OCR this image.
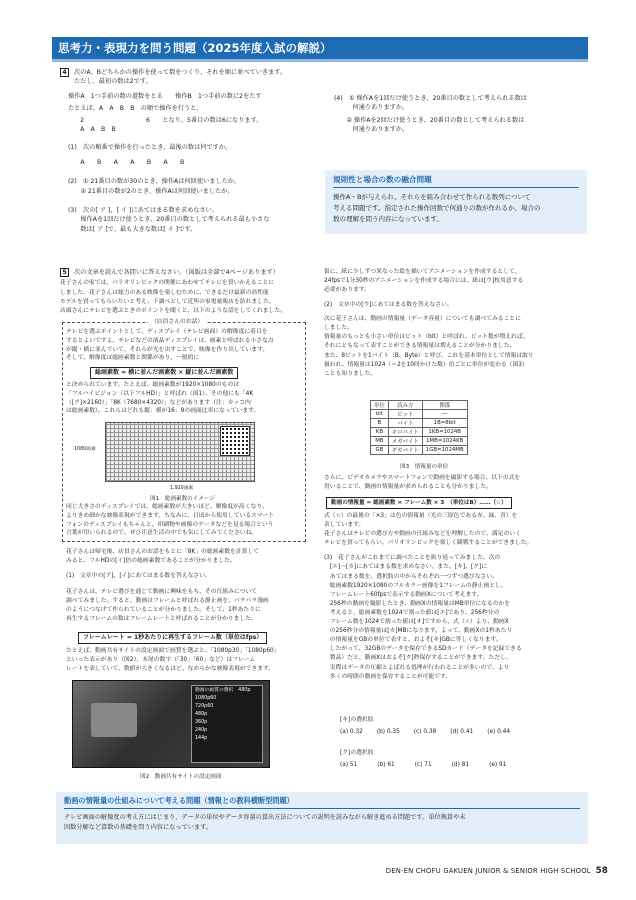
思考力・表現力を問う問題（2025年度入試の解説）
4 次のA、Bどちらかの操作を使って数をつくり、それを順に並べていきます。
ただし、最初の数は2です。
操作A　1つ手前の数の道数をとる　　操作B　1つ手前の数に2をたす
たとえば、A　A　B　B　の順で操作を行うと、
　2　　　　　　　　　　6　　となり、5番目の数は6になります。
　A　A　B　B
(1)　次の順番で操作を行ったとき、最後の数は何ですか。
　　A　　B　　A　　A　　B　　A　　B
(2)　① 21番目の数が30のとき、操作Aは何回使いましたか。
　　② 21番目の数が2のとき、操作Aは何回使いましたか。
(3)　次の[ ア ]、[ イ ]にあてはまる数を求めなさい。
　　操作Aを1回だけ使うとき、20番目の数として考えられる最も小さな
　　数は[ ア ]で、最も大きな数は[ イ ]です。
(4)　① 操作Aを1回だけ使うとき、20番目の数として考えられる数は
　　　何通りありますか。
　　② 操作Aを2回だけ使うとき、20番目の数として考えられる数は
　　　何通りありますか。
規則性と場合の数の融合問題
操作A・Bが与えられ、それらを組み合わせて作られる数列について
考える問題です。指定された操作回数で何通りの数が作れるか、場合の
数の理解を問う内容になっています。
5 次の文章を読んで各問いに答えなさい。（図版は全部で4ページあります）
花子さんの家では、パリオリンピックの開催にあわせてテレビを買いかえることに
しました。花子さんは総力のある映像を楽しむために、できるだけ最新の高性能
モデルを買ってもらいたいと考え、下調べとして近所の家電量販店を訪れました。
店頭さんにテレビを選ぶときのポイントを聞くと、以下のような話をしてくれました。
（店員さんのお話）
テレビを選ぶポイントとして、ディスプレイ（テレビ画面）の解像度に着目を
するとよいですよ。テレビなどの液晶ディスプレイは、画素と呼ばれる小さな点
が縦・横に並んでいて、それらが光を出すことで、映像を作り出しています。
そして、解像度は総画素数と関係があり、一般的に
総画素数 = 横に並んだ画素数 × 縦に並んだ画素数
と決められています。たとえば、総画素数が1920×1080のものは
「フルハイビジョン（以下フルHD）」と呼ばれ（図1）、その他にも「4K
（[ア]×2160）」「8K（7680×4320）」などがあります（注：カッコ内
は総画素数）。これらはどれも縦：横が16：9の画面比率になっています。
1080画素
1,920画素
図1　総画素数のイメージ
同じ大きさのディスプレイでは、総画素数が大きいほど、解像度が高くなり、
よりきめ細かな映像表現ができます。ちなみに、日頃から使用しているスマート
フォンのディスプレイもちゃんと、印刷物や画像のデータなどを見る場合という
言葉が用いられるので、ぜひ注意生活の中でも気にしてみてくださいね。
花子さんは帰宅後、店員さんのお話をもとに「8K」の総画素数を計算して
みると、フルHDの[イ]倍の総画素数であることが分かりました。
(1)　文章中の[ア]、[イ]にあてはまる数を答えなさい。
花子さんは、テレビ選びを通じて動画に興味をもち、その仕組みについて
調べてみました。すると、動画はフレームと呼ばれる静止画を、パラパラ漫画
のようにつなげて作られていることが分かりました。そして、1秒あたりに
再生するフレームの数はフレームレートと呼ばれることが分かりました。
フレームレート = 1秒あたりに再生するフレーム数（単位はfps）
たとえば、動画共有サイトの設定画面で画質を選ぶと、「1080p30」「1080p60」
といった表示があり（図2）、末尾の数字（「30」「60」など）はフレーム
レートを表していて、数値が大きくなるほど、なめらかな映像表現ができます。
動画の画質の選択　480p
1080p60
720p60
480p
360p
240p
144p
図2　動画共有サイトの設定画面
仮に、紙に少しずつ異なった絵を描いてアニメーションを作成するとして、
24fpsで1分30秒のアニメーションを作成する場合には、紙は[ウ]枚用意する
必要があります。
(2)　文章中の[ウ]にあてはまる数を答えなさい。
次に花子さんは、動画の情報量（データ容量）についても調べてみることに
しました。
情報量のもっとも小さい単位はビット（bit）と呼ばれ、ビット数が増えれば、
それにともなって表すことができる情報量は増えることが分かりました。
また、8ビットを1バイト（B、Byte）と呼び、これを基本単位として情報は取り
扱われ、情報量は1024（＝2を10回かけた数）倍ごとに単位が変わる（図3）
ことも知りました。
単位	読み方	関係
bit	ビット	―
B	バイト	1B=8bit
KB	キロバイト	1KB=1024B
MB	メガバイト	1MB=1024KB
GB	ギガバイト	1GB=1024MB
図3　情報量の単位
さらに、ビデオカメラやスマートフォンで動画を撮影する場合、以下の式を
用いることで、動画の情報量が求められることも分かりました。
動画の情報量 = 総画素数 × フレーム数 × 3　（単位はB）……（☆）
式（☆）の最後の「×3」は色の情報量（光の三原色である赤、緑、青）を
表しています。
花子さんはテレビの選び方や動画の仕組みなどを理解したので、満足のいく
テレビを買ってもらい、パリオリンピックを楽しく観戦することができました。
(3)　花子さんがこれまでに調べたことを振り返ってみました。次の
　[エ]～[カ]にあてはまる数を求めなさい。また、[キ]、[ク]に
　あてはまる数を、選択肢の中からそれぞれ一つずつ選びなさい。
　総画素数1920×1080のフルカラー画像を1フレームの静止画とし、
　フレームレート60fpsで表示する動画Xについて考えます。
　256秒の動画を撮影したとき、動画Xの情報量はMB単位になるのかを
　考えると、総画素数を1024で割った値は[エ]であり、256秒分の
　フレーム数を1024で割った値は[オ]ですから、式（☆）より、動画X
　の256秒分の情報量は[カ]MBになります。よって、動画Xの1秒あたり
　の情報量をGBの単位で表すと、およそ[キ]GBに等しくなります。
　したがって、32GBのデータを保存できるSDカード（データを記録できる
　製品）だと、動画Xはおよそ[ク]秒保存することができます。ただし、
　実際はデータの圧縮とよばれる処理が行われることが多いので、より
　多くの時間の動画を保存することが可能です。
[キ]の選択肢
(a) 0.32 (b) 0.35 (c) 0.38 (d) 0.41 (e) 0.44
[ク]の選択肢
(a) 51	(b) 61	(c) 71	(d) 81	(e) 91
動画の情報量の仕組みについて考える問題（情報との教科横断型問題）
テレビ画面の解像度の考え方にはじまり、データの単位やデータ容量の算出方法についての説明を読みながら解き進める問題です。単位換算や未
因数分解など算数の基礎を問う内容になっています。
DEN-EN CHOFU GAKUEN JUNIOR & SENIOR HIGH SCHOOL 58
